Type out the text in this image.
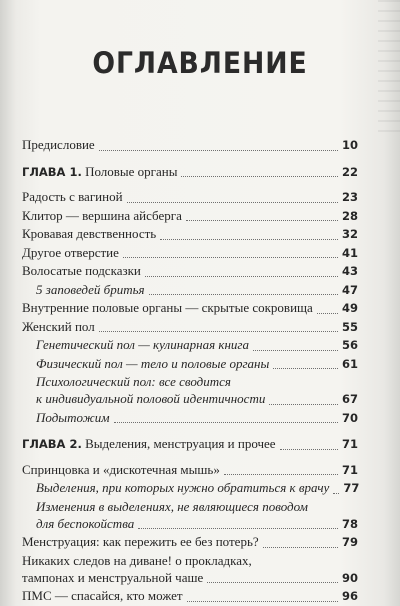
ОГЛАВЛЕНИЕ
Предисловие	10
ГЛАВА 1. Половые органы	22
Радость с вагиной	23
Клитор — вершина айсберга	28
Кровавая девственность	32
Другое отверстие	41
Волосатые подсказки	43
5 заповедей бритья	47
Внутренние половые органы — скрытые сокровища	49
Женский пол	55
Генетический пол — кулинарная книга	56
Физический пол — тело и половые органы	61
Психологический пол: все сводится
к индивидуальной половой идентичности	67
Подытожим	70
ГЛАВА 2. Выделения, менструация и прочее	71
Спринцовка и «дискотечная мышь»	71
Выделения, при которых нужно обратиться к врачу 77
Изменения в выделениях, не являющиеся поводом
для беспокойства	78
Менструация: как пережить ее без потерь?	79
Никаких следов на диване! о прокладках,
тампонах и менструальной чаше	90
ПМС — спасайся, кто может	96
